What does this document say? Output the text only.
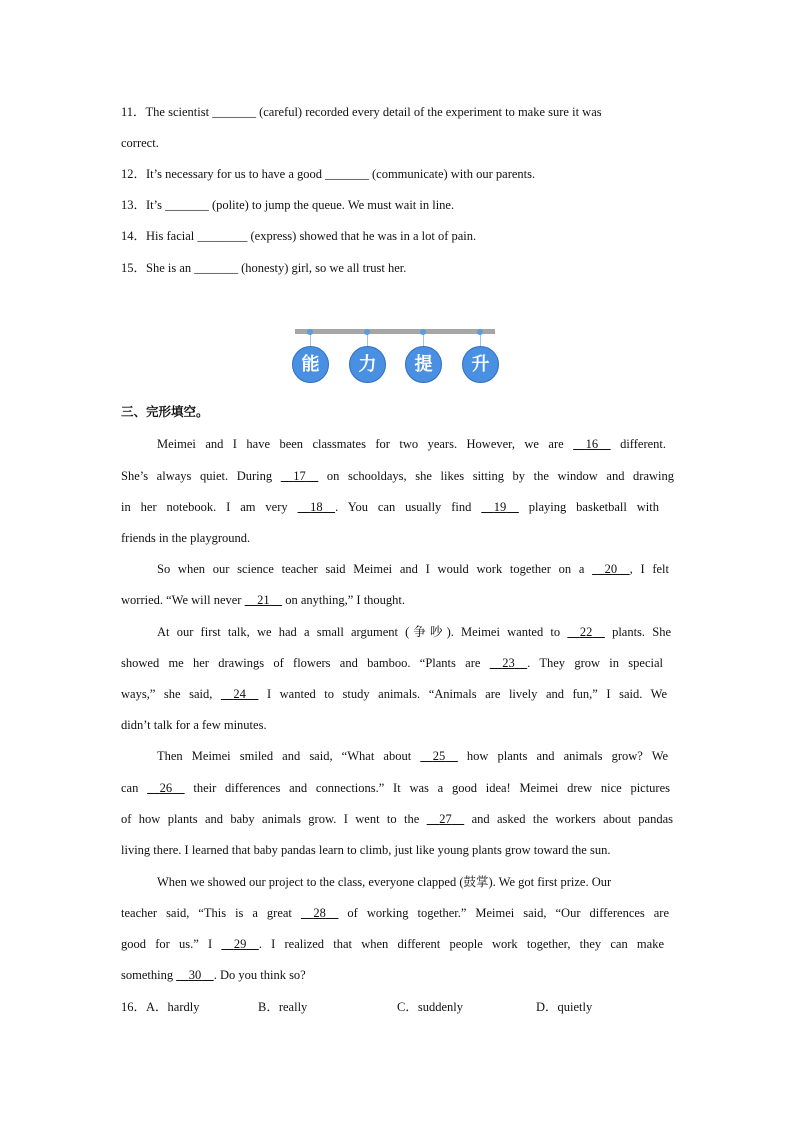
11．The scientist _______ (careful) recorded every detail of the experiment to make sure it was
correct.
12．It’s necessary for us to have a good _______ (communicate) with our parents.
13．It’s _______ (polite) to jump the queue. We must wait in line.
14．His facial ________ (express) showed that he was in a lot of pain.
15．She is an _______ (honesty) girl, so we all trust her.
能	力	提	升
三、完形填空。
Meimei and I have been classmates for two years. However, we are 16 different.
She’s always quiet. During 17 on schooldays, she likes sitting by the window and drawing
in her notebook. I am very 18 . You can usually find 19 playing basketball with
friends in the playground.
So when our science teacher said Meimei and I would work together on a 20 , I felt
worried. “We will never 21 on anything,” I thought.
At our first talk, we had a small argument (争吵). Meimei wanted to 22 plants. She
showed me her drawings of flowers and bamboo. “Plants are 23 . They grow in special
ways,” she said, 24 I wanted to study animals. “Animals are lively and fun,” I said. We
didn’t talk for a few minutes.
Then Meimei smiled and said, “What about 25 how plants and animals grow? We
can 26 their differences and connections.” It was a good idea! Meimei drew nice pictures
of how plants and baby animals grow. I went to the 27 and asked the workers about pandas
living there. I learned that baby pandas learn to climb, just like young plants grow toward the sun.
When we showed our project to the class, everyone clapped (鼓掌). We got first prize. Our
teacher said, “This is a great 28 of working together.” Meimei said, “Our differences are
good for us.” I 29 . I realized that when different people work together, they can make
something 30 . Do you think so?
16．A．hardly	B．really	C．suddenly	D．quietly
